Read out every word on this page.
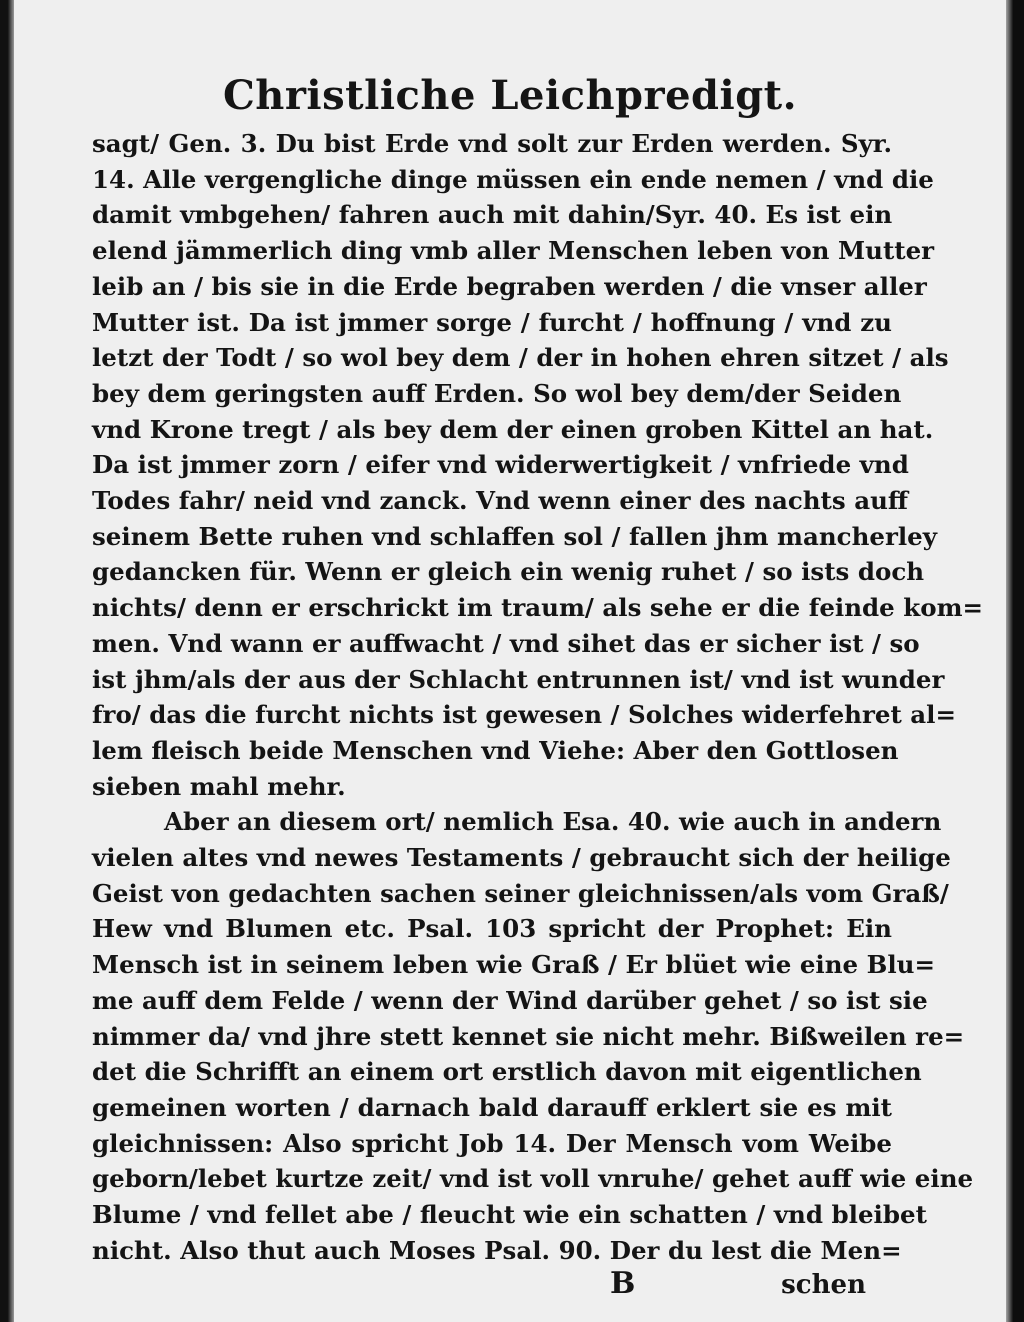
Christliche Leichpredigt.
sagt/ Gen. 3. Du bist Erde vnd solt zur Erden werden. Syr.
14. Alle vergengliche dinge müssen ein ende nemen / vnd die
damit vmbgehen/ fahren auch mit dahin/Syr. 40. Es ist ein
elend jämmerlich ding vmb aller Menschen leben von Mutter
leib an / bis sie in die Erde begraben werden / die vnser aller
Mutter ist. Da ist jmmer sorge / furcht / hoffnung / vnd zu
letzt der Todt / so wol bey dem / der in hohen ehren sitzet / als
bey dem geringsten auff Erden. So wol bey dem/der Seiden
vnd Krone tregt / als bey dem der einen groben Kittel an hat.
Da ist jmmer zorn / eifer vnd widerwertigkeit / vnfriede vnd
Todes fahr/ neid vnd zanck. Vnd wenn einer des nachts auff
seinem Bette ruhen vnd schlaffen sol / fallen jhm mancherley
gedancken für. Wenn er gleich ein wenig ruhet / so ists doch
nichts/ denn er erschrickt im traum/ als sehe er die feinde kom=
men. Vnd wann er auffwacht / vnd sihet das er sicher ist / so
ist jhm/als der aus der Schlacht entrunnen ist/ vnd ist wunder
fro/ das die furcht nichts ist gewesen / Solches widerfehret al=
lem fleisch beide Menschen vnd Viehe: Aber den Gottlosen
sieben mahl mehr.
Aber an diesem ort/ nemlich Esa. 40. wie auch in andern
vielen altes vnd newes Testaments / gebraucht sich der heilige
Geist von gedachten sachen seiner gleichnissen/als vom Graß/
Hew vnd Blumen etc. Psal. 103 spricht der Prophet: Ein
Mensch ist in seinem leben wie Graß / Er blüet wie eine Blu=
me auff dem Felde / wenn der Wind darüber gehet / so ist sie
nimmer da/ vnd jhre stett kennet sie nicht mehr. Bißweilen re=
det die Schrifft an einem ort erstlich davon mit eigentlichen
gemeinen worten / darnach bald darauff erklert sie es mit
gleichnissen: Also spricht Job 14. Der Mensch vom Weibe
geborn/lebet kurtze zeit/ vnd ist voll vnruhe/ gehet auff wie eine
Blume / vnd fellet abe / fleucht wie ein schatten / vnd bleibet
nicht. Also thut auch Moses Psal. 90. Der du lest die Men=
B	schen
